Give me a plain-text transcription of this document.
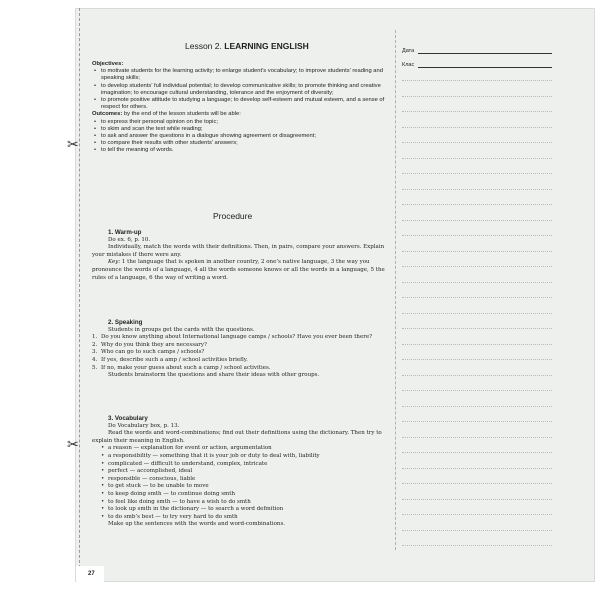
✂
✂
Lesson 2. LEARNING ENGLISH	Дата
Клас

Objectives:

• to motivate students for the learning activity; to enlarge student’s vocabulary; to improve students’ reading and speaking skills;
• to develop students’ full individual potential; to develop communicative skills; to promote thinking and creative imagination; to encourage cultural understanding, tolerance and the enjoyment of diversity;
• to promote positive attitude to studying a language; to develop self-esteem and mutual esteem, and a sense of respect for others.

Outcomes: by the end of the lesson students will be able:

• to express their personal opinion on the topic;
• to skim and scan the text while reading;
• to ask and answer the questions in a dialogue showing agreement or disagreement;
• to compare their results with other students’ answers;
• to tell the meaning of words.
Procedure
1. Warm-up
Do ex. 6, p. 10.
Individually, match the words with their definitions. Then, in pairs, compare your answers. Explain your mistakes if there were any.
Key: 1 the language that is spoken in another country, 2 one’s native language, 3 the way you pronounce the words of a language, 4 all the words someone knows or all the words in a language, 5 the rules of a language, 6 the way of writing a word.
2. Speaking
Students in groups get the cards with the questions.
1. Do you know anything about International language camps / schools? Have you ever been there?
2. Why do you think they are necessary?
3. Who can go to such camps / schools?
4. If yes, describe such a amp / school activities briefly.
5. If no, make your guess about such a camp / school activities.
Students brainstorm the questions and share their ideas with other groups.
3. Vocabulary
Do Vocabulary box, p. 13.
Read the words and word-combinations; find out their definitions using the dictionary. Then try to explain their meaning in English.
• a reason — explanation for event or action, argumentation
• a responsibility — something that it is your job or duty to deal with, liability
• complicated — difficult to understand, complex, intricate
• perfect — accomplished, ideal
• responsible — conscious, liable
• to get stuck — to be unable to move
• to keep doing smth — to continue doing smth
• to feel like doing smth — to have a wish to do smth
• to look up smth in the dictionary — to search a word definition
• to do smb’s best — to try very hard to do smth
Make up the sentences with the words and word-combinations.
27
